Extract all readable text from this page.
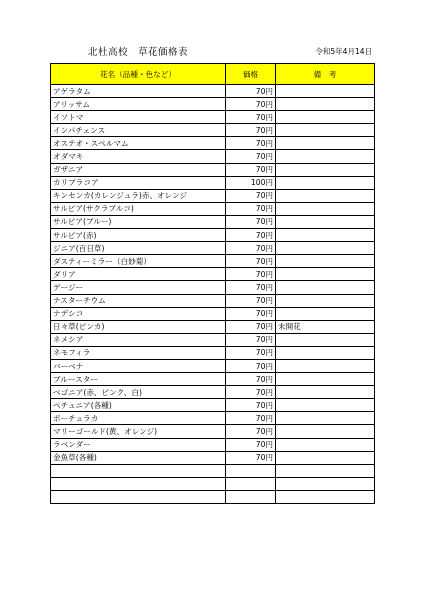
北杜高校　草花価格表	令和5年4月14日
花名（品種・色など）	価格	備　考
アゲラタム	70円	
アリッサム	70円	
イソトマ	70円	
インパチェンス	70円	
オステオ・スペルマム	70円	
オダマキ	70円	
ガザニア	70円	
カリブラコア	100円	
キンセンカ(カレンジュラ)赤、オレンジ	70円	
サルビア(サクラブルコ)	70円	
サルビア(ブルー)	70円	
サルビア(赤)	70円	
ジニア(百日草)	70円	
ダスティーミラー（白妙菊）	70円	
ダリア	70円	
デージー	70円	
ナスターチウム	70円	
ナデシコ	70円	
日々草(ピンカ)	70円	未開花
ネメシア	70円	
ネモフィラ	70円	
バーベナ	70円	
ブルースター	70円	
ベゴニア(赤、ピンク、白)	70円	
ペチュニア(各種)	70円	
ポーチュラカ	70円	
マリーゴールド(黄、オレンジ)	70円	
ラベンダー	70円	
金魚草(各種)	70円	
